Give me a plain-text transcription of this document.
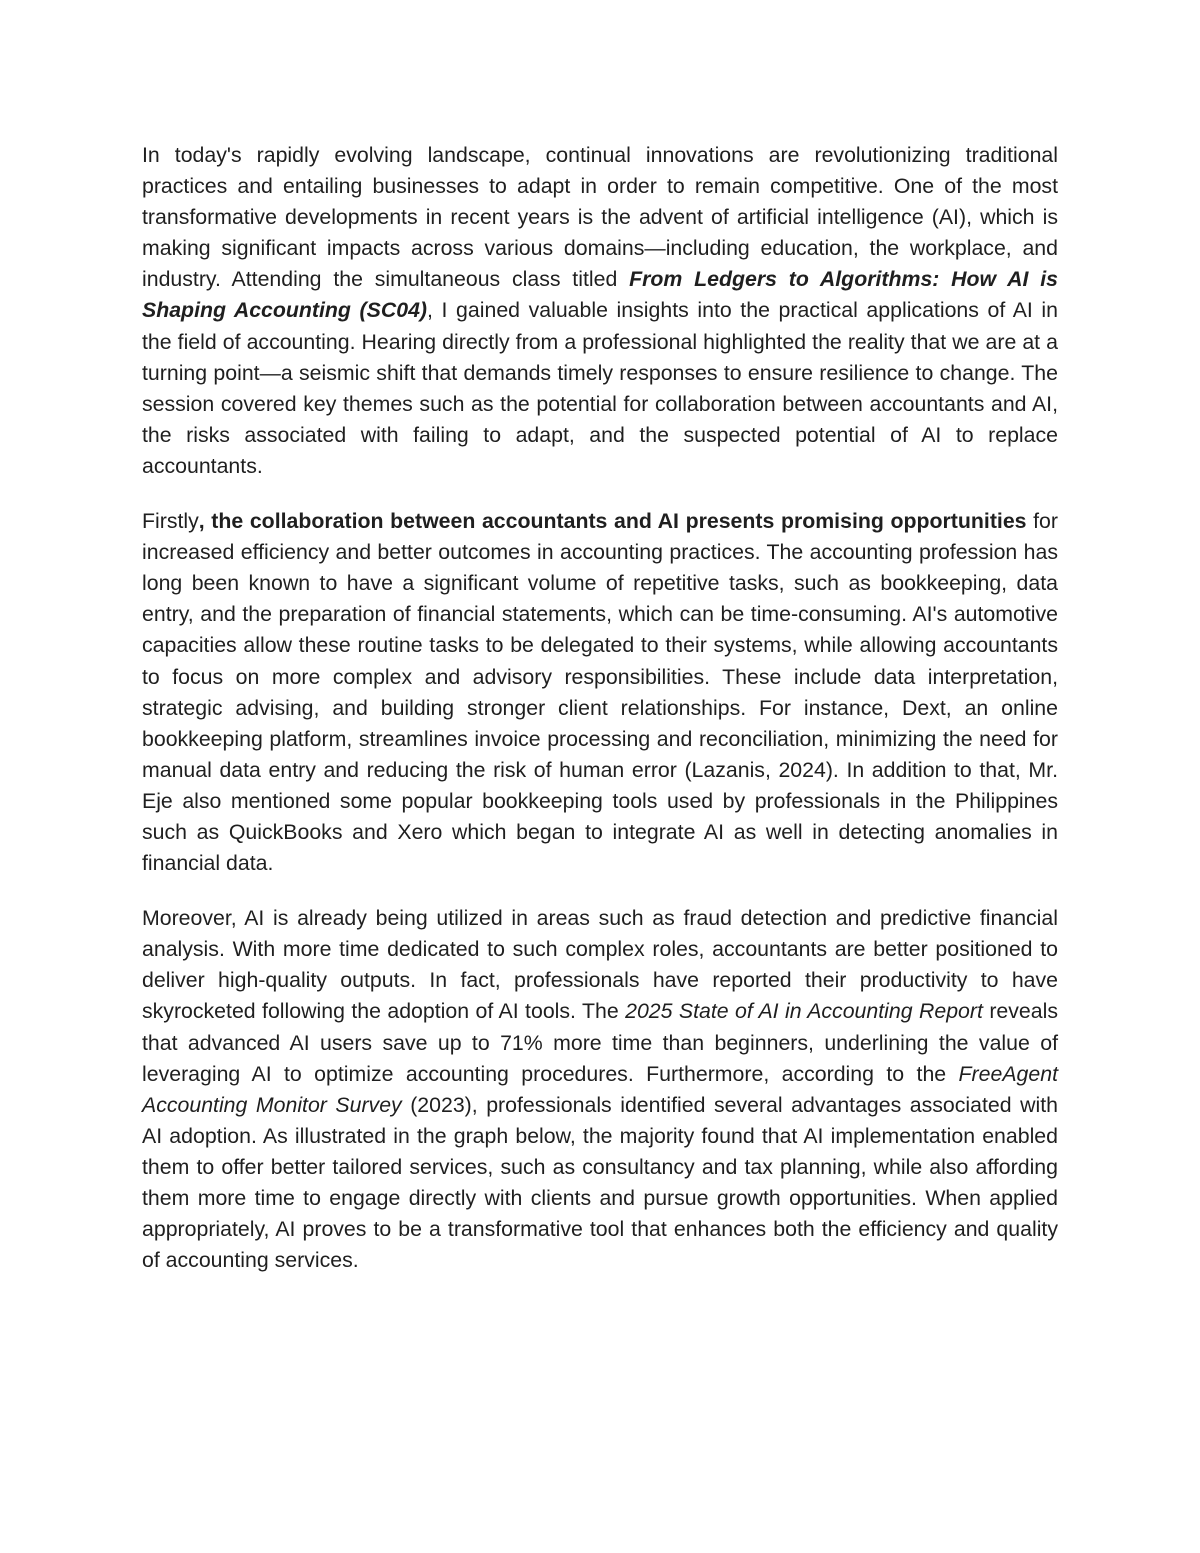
In today's rapidly evolving landscape, continual innovations are revolutionizing traditional practices and entailing businesses to adapt in order to remain competitive. One of the most transformative developments in recent years is the advent of artificial intelligence (AI), which is making significant impacts across various domains—including education, the workplace, and industry. Attending the simultaneous class titled From Ledgers to Algorithms: How AI is Shaping Accounting (SC04), I gained valuable insights into the practical applications of AI in the field of accounting. Hearing directly from a professional highlighted the reality that we are at a turning point—a seismic shift that demands timely responses to ensure resilience to change. The session covered key themes such as the potential for collaboration between accountants and AI, the risks associated with failing to adapt, and the suspected potential of AI to replace accountants.

Firstly, the collaboration between accountants and AI presents promising opportunities for increased efficiency and better outcomes in accounting practices. The accounting profession has long been known to have a significant volume of repetitive tasks, such as bookkeeping, data entry, and the preparation of financial statements, which can be time-consuming. AI's automotive capacities allow these routine tasks to be delegated to their systems, while allowing accountants to focus on more complex and advisory responsibilities. These include data interpretation, strategic advising, and building stronger client relationships. For instance, Dext, an online bookkeeping platform, streamlines invoice processing and reconciliation, minimizing the need for manual data entry and reducing the risk of human error (Lazanis, 2024). In addition to that, Mr. Eje also mentioned some popular bookkeeping tools used by professionals in the Philippines such as QuickBooks and Xero which began to integrate AI as well in detecting anomalies in financial data.

Moreover, AI is already being utilized in areas such as fraud detection and predictive financial analysis. With more time dedicated to such complex roles, accountants are better positioned to deliver high-quality outputs. In fact, professionals have reported their productivity to have skyrocketed following the adoption of AI tools. The 2025 State of AI in Accounting Report reveals that advanced AI users save up to 71% more time than beginners, underlining the value of leveraging AI to optimize accounting procedures. Furthermore, according to the FreeAgent Accounting Monitor Survey (2023), professionals identified several advantages associated with AI adoption. As illustrated in the graph below, the majority found that AI implementation enabled them to offer better tailored services, such as consultancy and tax planning, while also affording them more time to engage directly with clients and pursue growth opportunities. When applied appropriately, AI proves to be a transformative tool that enhances both the efficiency and quality of accounting services.
